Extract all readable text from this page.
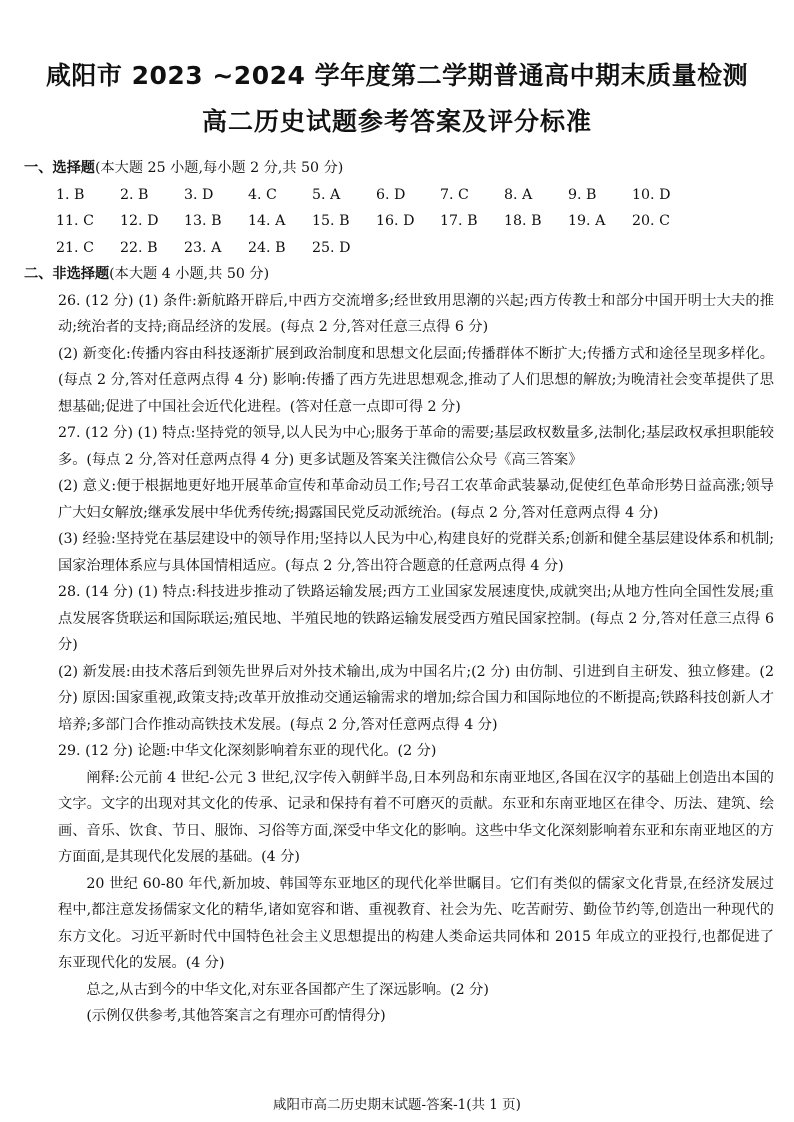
咸阳市 2023 ~2024 学年度第二学期普通高中期末质量检测
高二历史试题参考答案及评分标准
一、选择题(本大题 25 小题,每小题 2 分,共 50 分)
1. B	2. B	3. D 4. C 5. A	6. D 7. C 8. A	9. B	10. D
11. C 12. D 13. B 14. A 15. B 16. D 17. B 18. B 19. A 20. C
21. C 22. B 23. A 24. B 25. D
二、非选择题(本大题 4 小题,共 50 分)

26. (12 分) (1) 条件:新航路开辟后,中西方交流增多;经世致用思潮的兴起;西方传教士和部分中国开明士大夫的推动;统治者的支持;商品经济的发展。(每点 2 分,答对任意三点得 6 分)

(2) 新变化:传播内容由科技逐渐扩展到政治制度和思想文化层面;传播群体不断扩大;传播方式和途径呈现多样化。(每点 2 分,答对任意两点得 4 分) 影响:传播了西方先进思想观念,推动了人们思想的解放;为晚清社会变革提供了思想基础;促进了中国社会近代化进程。(答对任意一点即可得 2 分)

27. (12 分) (1) 特点:坚持党的领导,以人民为中心;服务于革命的需要;基层政权数量多,法制化;基层政权承担职能较多。(每点 2 分,答对任意两点得 4 分) 更多试题及答案关注微信公众号《高三答案》

(2) 意义:便于根据地更好地开展革命宣传和革命动员工作;号召工农革命武装暴动,促使红色革命形势日益高涨;领导广大妇女解放;继承发展中华优秀传统;揭露国民党反动派统治。(每点 2 分,答对任意两点得 4 分)

(3) 经验:坚持党在基层建设中的领导作用;坚持以人民为中心,构建良好的党群关系;创新和健全基层建设体系和机制;国家治理体系应与具体国情相适应。(每点 2 分,答出符合题意的任意两点得 4 分)

28. (14 分) (1) 特点:科技进步推动了铁路运输发展;西方工业国家发展速度快,成就突出;从地方性向全国性发展;重点发展客货联运和国际联运;殖民地、半殖民地的铁路运输发展受西方殖民国家控制。(每点 2 分,答对任意三点得 6 分)

(2) 新发展:由技术落后到领先世界后对外技术输出,成为中国名片;(2 分) 由仿制、引进到自主研发、独立修建。(2 分) 原因:国家重视,政策支持;改革开放推动交通运输需求的增加;综合国力和国际地位的不断提高;铁路科技创新人才培养;多部门合作推动高铁技术发展。(每点 2 分,答对任意两点得 4 分)

29. (12 分) 论题:中华文化深刻影响着东亚的现代化。(2 分)

阐释:公元前 4 世纪-公元 3 世纪,汉字传入朝鲜半岛,日本列岛和东南亚地区,各国在汉字的基础上创造出本国的文字。文字的出现对其文化的传承、记录和保持有着不可磨灭的贡献。东亚和东南亚地区在律令、历法、建筑、绘画、音乐、饮食、节日、服饰、习俗等方面,深受中华文化的影响。这些中华文化深刻影响着东亚和东南亚地区的方方面面,是其现代化发展的基础。(4 分)

20 世纪 60-80 年代,新加坡、韩国等东亚地区的现代化举世瞩目。它们有类似的儒家文化背景,在经济发展过程中,都注意发扬儒家文化的精华,诸如宽容和谐、重视教育、社会为先、吃苦耐劳、勤俭节约等,创造出一种现代的东方文化。习近平新时代中国特色社会主义思想提出的构建人类命运共同体和 2015 年成立的亚投行,也都促进了东亚现代化的发展。(4 分)

总之,从古到今的中华文化,对东亚各国都产生了深远影响。(2 分)

(示例仅供参考,其他答案言之有理亦可酌情得分)

咸阳市高二历史期末试题-答案-1(共 1 页)
